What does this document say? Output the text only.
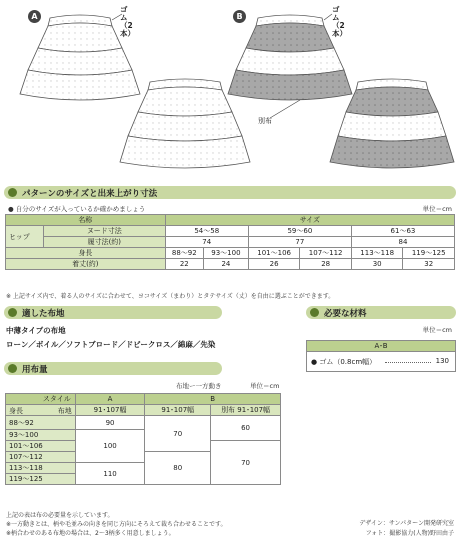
A	B
ゴム（2本）
ゴム（2本）
別布
パターンのサイズと出来上がり寸法
● 自分のサイズが入っているか確かめましょう	単位＝cm
名称		サイズ					
ヒップ	ヌード寸法	54～58		59～60		61～63	
	履寸法(約)	74		77		84	
身長		88～92	93～100	101～106	107～112	113～118	119～125
着丈(約)		22	24	26	28	30	32
※ 上記サイズ内で、着る人のサイズに合わせて、ヨコサイズ（まわり）とタテサイズ（丈）を自由に選ぶことができます。
適した布地
中薄タイプの布地
ローン／ボイル／ソフトブロード／ドビークロス／綿麻／先染
必要な材料
単位＝cm
A･B
● ゴム（0.8cm幅）	130
用布量
布地ー一方動き	単位＝cm
スタイル	A	B	

身長 布地	91･107幅	91･107幅	別布 91･107幅
88～92	90	70	60
93～100	100		
101～106			70
107～112		80	
113～118	110		
119～125			
上記の表は布の必要量を示しています。
※一方動きとは、柄や毛並みの向きを同じ方向にそろえて裁ち合わせることです。
※柄合わせのある布地の場合は、2～3柄多く用意しましょう。
デザイン：サンパターン開発研究室
フォト：撮影協力(人物)野田由子
